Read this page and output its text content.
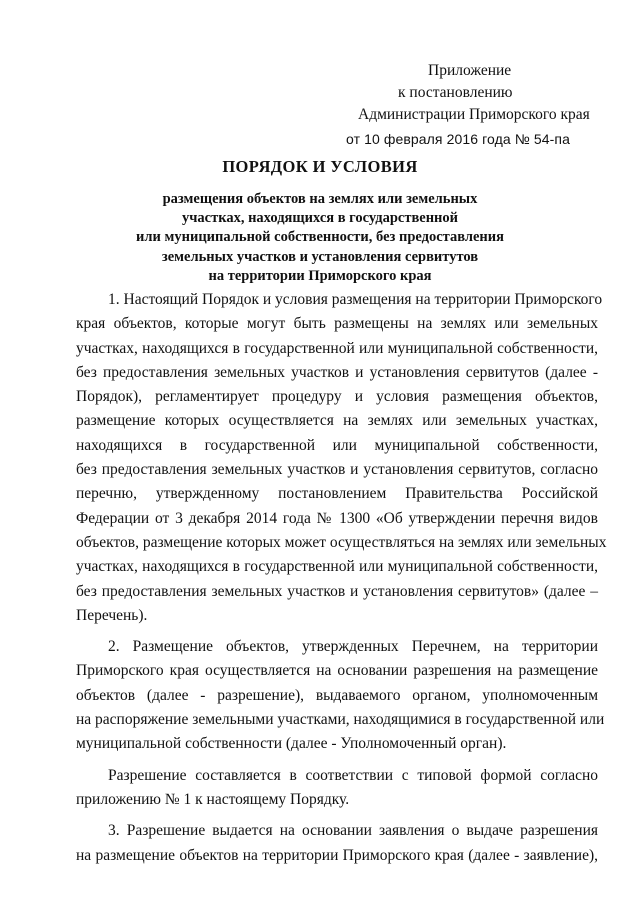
Приложение
к постановлению
Администрации Приморского края
от 10 февраля 2016 года № 54-па
ПОРЯДОК И УСЛОВИЯ
размещения объектов на землях или земельных
участках, находящихся в государственной
или муниципальной собственности, без предоставления
земельных участков и установления сервитутов
на территории Приморского края
1. Настоящий Порядок и условия размещения на территории Приморского
края объектов, которые могут быть размещены на землях или земельных
участках, находящихся в государственной или муниципальной собственности,
без предоставления земельных участков и установления сервитутов (далее -
Порядок), регламентирует процедуру и условия размещения объектов,
размещение которых осуществляется на землях или земельных участках,
находящихся в государственной или муниципальной собственности,
без предоставления земельных участков и установления сервитутов, согласно
перечню, утвержденному постановлением Правительства Российской
Федерации от 3 декабря 2014 года № 1300 «Об утверждении перечня видов
объектов, размещение которых может осуществляться на землях или земельных
участках, находящихся в государственной или муниципальной собственности,
без предоставления земельных участков и установления сервитутов» (далее –
Перечень).
2. Размещение объектов, утвержденных Перечнем, на территории
Приморского края осуществляется на основании разрешения на размещение
объектов (далее - разрешение), выдаваемого органом, уполномоченным
на распоряжение земельными участками, находящимися в государственной или
муниципальной собственности (далее - Уполномоченный орган).
Разрешение составляется в соответствии с типовой формой согласно
приложению № 1 к настоящему Порядку.
3. Разрешение выдается на основании заявления о выдаче разрешения
на размещение объектов на территории Приморского края (далее - заявление),
